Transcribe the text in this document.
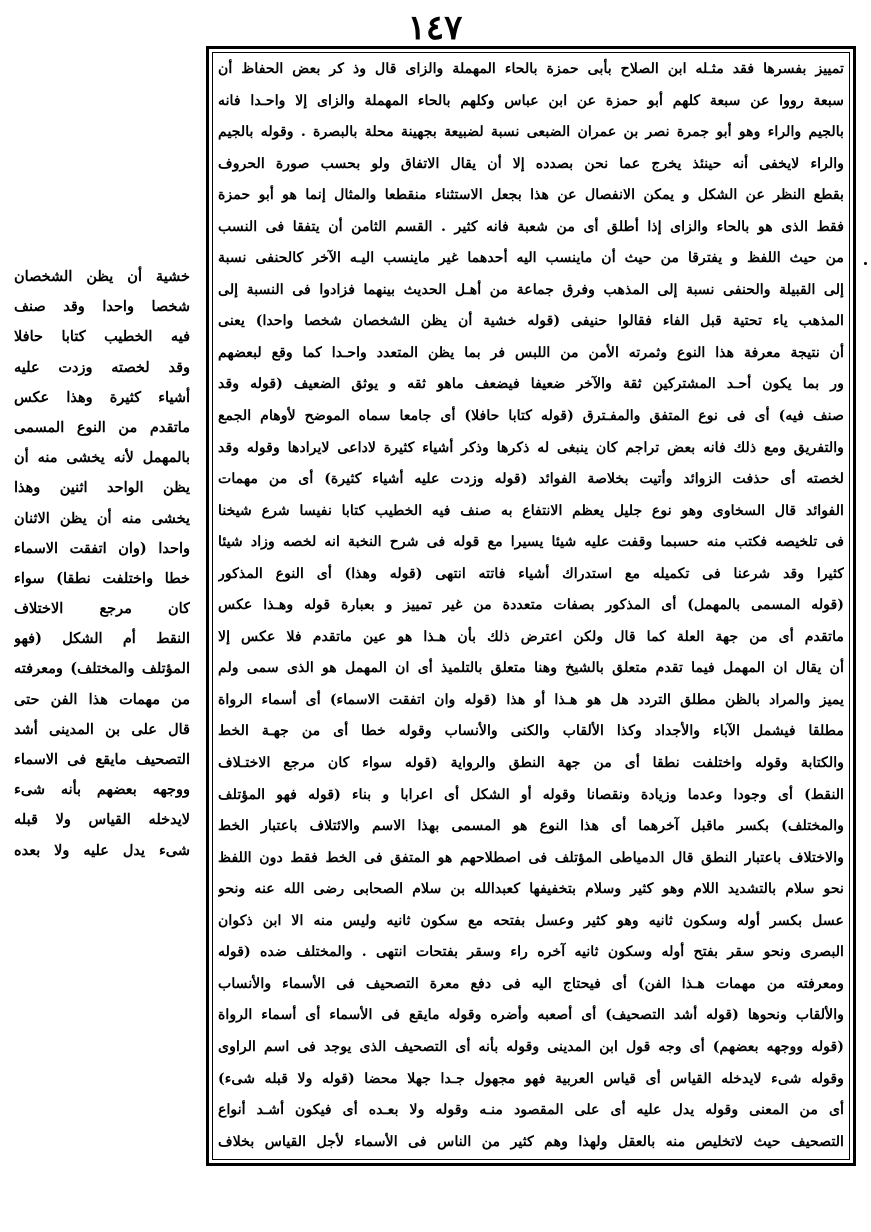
١٤٧
تمييز بفسرها فقد مثـله ابن الصلاح بأبى حمزة بالحاء المهملة والزاى قال وذ كر بعض الحفاظ أن
سبعة رووا عن سبعة كلهم أبو حمزة عن ابن عباس وكلهم بالحاء المهملة والزاى إلا واحـدا فانه
بالجيم والراء وهو أبو جمرة نصر بن عمران الضبعى نسبة لضبيعة بجهينة محلة بالبصرة . وقوله بالجيم
والراء لايخفى أنه حينئذ يخرج عما نحن بصدده إلا أن يقال الاتفاق ولو بحسب صورة الحروف
بقطع النظر عن الشكل و يمكن الانفصال عن هذا بجعل الاستثناء منقطعا والمثال إنما هو أبو حمزة
فقط الذى هو بالحاء والزاى إذا أطلق أى من شعبة فانه كثير . القسم الثامن أن يتفقا فى النسب
من حيث اللفظ و يفترقا من حيث أن ماينسب اليه أحدهما غير ماينسب اليـه الآخر كالحنفى نسبة
إلى القبيلة والحنفى نسبة إلى المذهب وفرق جماعة من أهـل الحديث بينهما فزادوا فى النسبة إلى
المذهب ياء تحتية قبل الفاء فقالوا حنيفى (قوله خشية أن يظن الشخصان شخصا واحدا) يعنى
أن نتيجة معرفة هذا النوع وثمرته الأمن من اللبس فر بما يظن المتعدد واحـدا كما وقع لبعضهم
ور بما يكون أحـد المشتركين ثقة والآخر ضعيفا فيضعف ماهو ثقه و يوثق الضعيف (قوله وقد
صنف فيه) أى فى نوع المتفق والمفـترق (قوله كتابا حافلا) أى جامعا سماه الموضح لأوهام الجمع
والتفريق ومع ذلك فانه بعض تراجم كان ينبغى له ذكرها وذكر أشياء كثيرة لاداعى لايرادها وقوله وقد
لخصته أى حذفت الزوائد وأتيت بخلاصة الفوائد (قوله وزدت عليه أشياء كثيرة) أى من مهمات
الفوائد قال السخاوى وهو نوع جليل يعظم الانتفاع به صنف فيه الخطيب كتابا نفيسا شرع شيخنا
فى تلخيصه فكتب منه حسبما وقفت عليه شيئا يسيرا مع قوله فى شرح النخبة انه لخصه وزاد شيئا
كثيرا وقد شرعنا فى تكميله مع استدراك أشياء فاتته انتهى (قوله وهذا) أى النوع المذكور
(قوله المسمى بالمهمل) أى المذكور بصفات متعددة من غير تمييز و بعبارة قوله وهـذا عكس
ماتقدم أى من جهة العلة كما قال ولكن اعترض ذلك بأن هـذا هو عين ماتقدم فلا عكس إلا
أن يقال ان المهمل فيما تقدم متعلق بالشيخ وهنا متعلق بالتلميذ أى ان المهمل هو الذى سمى ولم
يميز والمراد بالظن مطلق التردد هل هو هـذا أو هذا (قوله وان اتفقت الاسماء) أى أسماء الرواة
مطلقا فيشمل الآباء والأجداد وكذا الألقاب والكنى والأنساب وقوله خطا أى من جهـة الخط
والكتابة وقوله واختلفت نطقا أى من جهة النطق والرواية (قوله سواء كان مرجع الاختـلاف
النقط) أى وجودا وعدما وزيادة ونقصانا وقوله أو الشكل أى اعرابا و بناء (قوله فهو المؤتلف
والمختلف) بكسر ماقبل آخرهما أى هذا النوع هو المسمى بهذا الاسم والائتلاف باعتبار الخط
والاختلاف باعتبار النطق قال الدمياطى المؤتلف فى اصطلاحهم هو المتفق فى الخط فقط دون اللفظ
نحو سلام بالتشديد اللام وهو كثير وسلام بتخفيفها كعبدالله بن سلام الصحابى رضى الله عنه ونحو
عسل بكسر أوله وسكون ثانيه وهو كثير وعسل بفتحه مع سكون ثانيه وليس منه الا ابن ذكوان
البصرى ونحو سقر بفتح أوله وسكون ثانيه آخره راء وسقر بفتحات انتهى . والمختلف ضده (قوله
ومعرفته من مهمات هـذا الفن) أى فيحتاج اليه فى دفع معرة التصحيف فى الأسماء والأنساب
والألقاب ونحوها (قوله أشد التصحيف) أى أصعبه وأضره وقوله مايقع فى الأسماء أى أسماء الرواة
(قوله ووجهه بعضهم) أى وجه قول ابن المدينى وقوله بأنه أى التصحيف الذى يوجد فى اسم الراوى
وقوله شىء لايدخله القياس أى قياس العربية فهو مجهول جـدا جهلا محضا (قوله ولا قبله شىء)
أى من المعنى وقوله يدل عليه أى على المقصود منـه وقوله ولا بعـده أى فيكون أشـد أنواع
التصحيف حيث لاتخليص منه بالعقل ولهذا وهم كثير من الناس فى الأسماء لأجل القياس بخلاف
خشية أن يظن الشخصان
شخصا واحدا وقد صنف
فيه الخطيب كتابا حافلا
وقد لخصته وزدت عليه
أشياء كثيرة وهذا عكس
ماتقدم من النوع المسمى
بالمهمل لأنه يخشى منه أن
يظن الواحد اثنين وهذا
يخشى منه أن يظن الاثنان
واحدا (وان اتفقت الاسماء
خطا واختلفت نطقا) سواء
كان مرجع الاختلاف
النقط أم الشكل (فهو
المؤتلف والمختلف) ومعرفته
من مهمات هذا الفن حتى
قال على بن المدينى أشد
التصحيف مايقع فى الاسماء
ووجهه بعضهم بأنه شىء
لايدخله القياس ولا قبله
شىء يدل عليه ولا بعده
